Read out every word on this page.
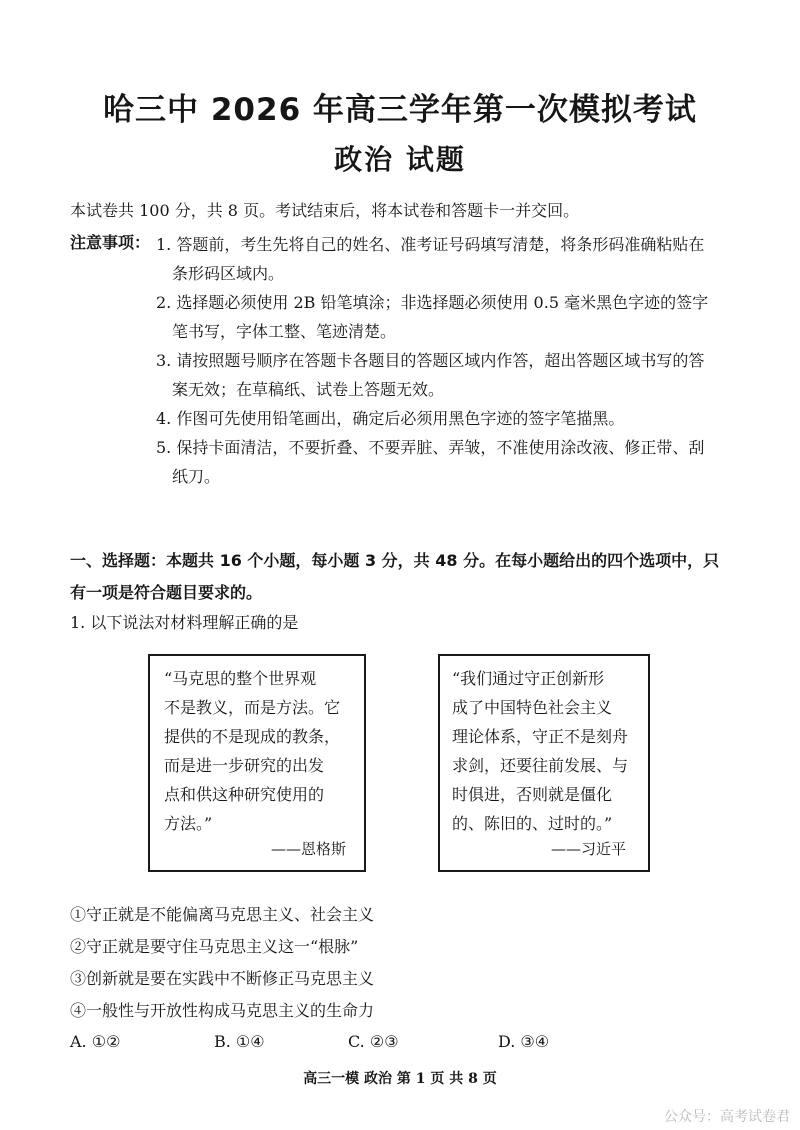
哈三中 2026 年高三学年第一次模拟考试
政治 试题
本试卷共 100 分，共 8 页。考试结束后，将本试卷和答题卡一并交回。
注意事项： 1. 答题前，考生先将自己的姓名、准考证号码填写清楚，将条形码准确粘贴在
条形码区域内。
2. 选择题必须使用 2B 铅笔填涂；非选择题必须使用 0.5 毫米黑色字迹的签字
笔书写，字体工整、笔迹清楚。
3. 请按照题号顺序在答题卡各题目的答题区域内作答，超出答题区域书写的答
案无效；在草稿纸、试卷上答题无效。
4. 作图可先使用铅笔画出，确定后必须用黑色字迹的签字笔描黑。
5. 保持卡面清洁，不要折叠、不要弄脏、弄皱，不准使用涂改液、修正带、刮
纸刀。
一、选择题：本题共 16 个小题，每小题 3 分，共 48 分。在每小题给出的四个选项中，只
有一项是符合题目要求的。
1. 以下说法对材料理解正确的是
“马克思的整个世界观
不是教义，而是方法。它
提供的不是现成的教条，
而是进一步研究的出发
点和供这种研究使用的
方法。”
——恩格斯
“我们通过守正创新形
成了中国特色社会主义
理论体系，守正不是刻舟
求剑，还要往前发展、与
时俱进，否则就是僵化
的、陈旧的、过时的。”
——习近平
①守正就是不能偏离马克思主义、社会主义
②守正就是要守住马克思主义这一“根脉”
③创新就是要在实践中不断修正马克思主义
④一般性与开放性构成马克思主义的生命力
A. ①②	B. ①④	C. ②③	D. ③④
高三一模 政治 第 1 页 共 8 页
公众号：高考试卷君
